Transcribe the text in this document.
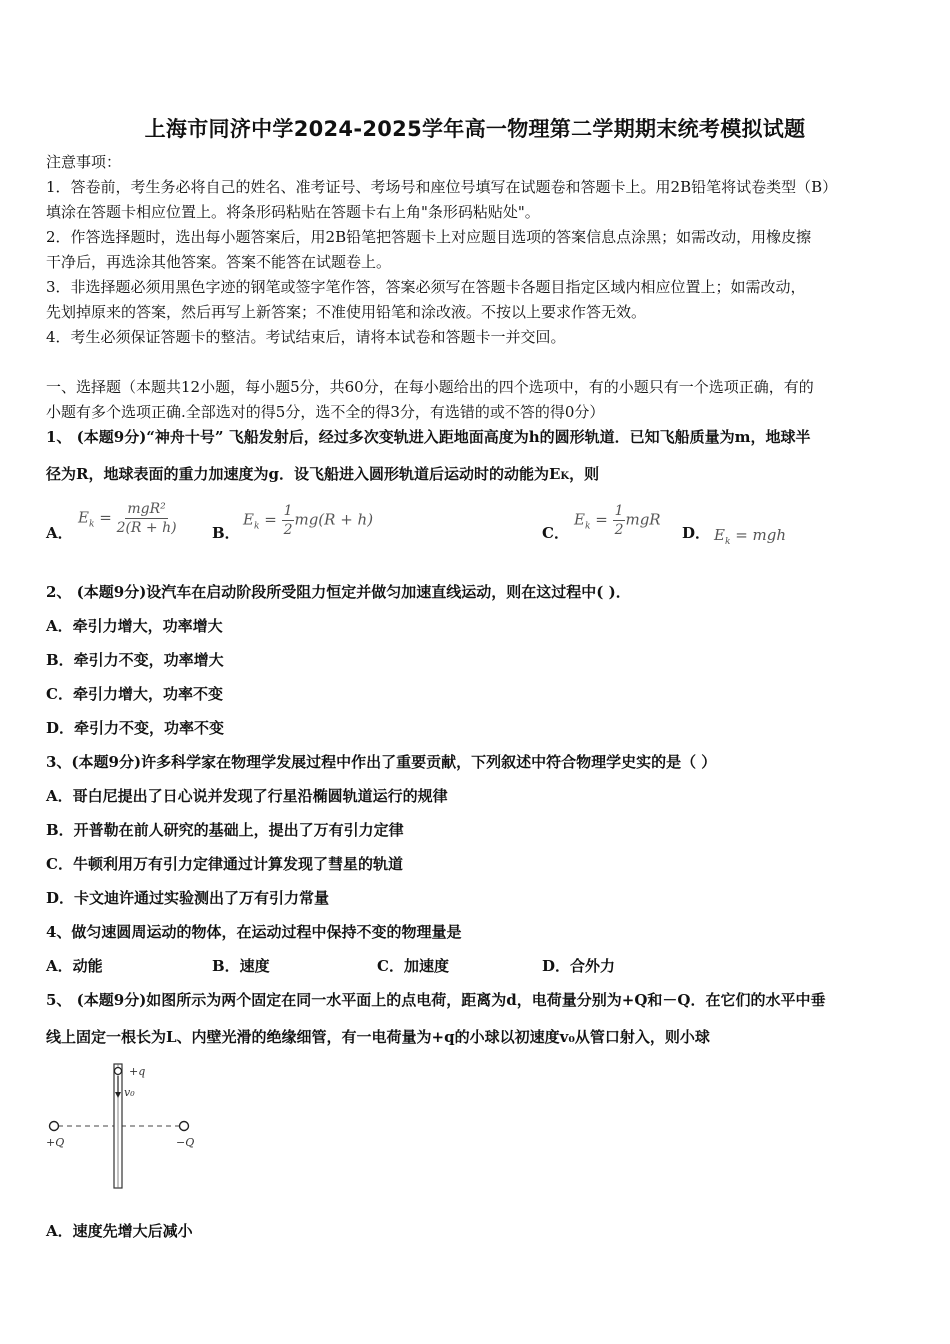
上海市同济中学2024-2025学年高一物理第二学期期末统考模拟试题
注意事项：
1．答卷前，考生务必将自己的姓名、准考证号、考场号和座位号填写在试题卷和答题卡上。用2B铅笔将试卷类型（B）
填涂在答题卡相应位置上。将条形码粘贴在答题卡右上角"条形码粘贴处"。
2．作答选择题时，选出每小题答案后，用2B铅笔把答题卡上对应题目选项的答案信息点涂黑；如需改动，用橡皮擦
干净后，再选涂其他答案。答案不能答在试题卷上。
3．非选择题必须用黑色字迹的钢笔或签字笔作答，答案必须写在答题卡各题目指定区域内相应位置上；如需改动，
先划掉原来的答案，然后再写上新答案；不准使用铅笔和涂改液。不按以上要求作答无效。
4．考生必须保证答题卡的整洁。考试结束后，请将本试卷和答题卡一并交回。
一、选择题（本题共12小题，每小题5分，共60分，在每小题给出的四个选项中，有的小题只有一个选项正确，有的
小题有多个选项正确.全部选对的得5分，选不全的得3分，有选错的或不答的得0分）
1、 (本题9分)“神舟十号” 飞船发射后，经过多次变轨进入距地面高度为h的圆形轨道．已知飞船质量为m，地球半
径为R，地球表面的重力加速度为g．设飞船进入圆形轨道后运动时的动能为EK，则
A．
$E_k = \frac{\text{mgR²}}{2(R + h)}$ B．
$E_k = \frac{1}{2} mg(R + h)$
C．
$E_k = \frac{1}{2}$ mgR
D． $E_k$ = mgh
2、 (本题9分)设汽车在启动阶段所受阻力恒定并做匀加速直线运动，则在这过程中( )．
A．牵引力增大，功率增大
B．牵引力不变，功率增大
C．牵引力增大，功率不变
D．牵引力不变，功率不变
3、(本题9分)许多科学家在物理学发展过程中作出了重要贡献，下列叙述中符合物理学史实的是（ ）
A．哥白尼提出了日心说并发现了行星沿椭圆轨道运行的规律
B．开普勒在前人研究的基础上，提出了万有引力定律
C．牛顿利用万有引力定律通过计算发现了彗星的轨道
D．卡文迪许通过实验测出了万有引力常量
4、做匀速圆周运动的物体，在运动过程中保持不变的物理量是
A．动能	B．速度	C．加速度	D．合外力
5、 (本题9分)如图所示为两个固定在同一水平面上的点电荷，距离为d，电荷量分别为+Q和－Q．在它们的水平中垂
线上固定一根长为L、内壁光滑的绝缘细管，有一电荷量为+q的小球以初速度v₀从管口射入，则小球
+q
v₀
+Q	−Q
A．速度先增大后减小
